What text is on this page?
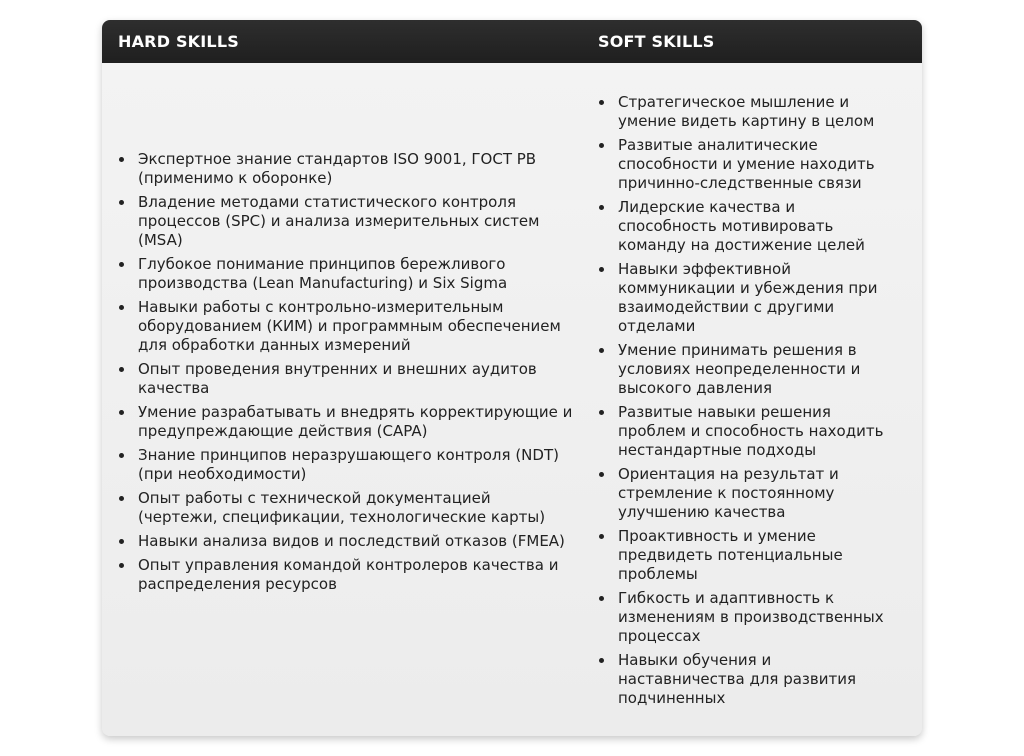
HARD SKILLS	SOFT SKILLS
Экспертное знание стандартов ISO 9001, ГОСТ РВ (применимо к оборонке)
Владение методами статистического контроля процессов (SPC) и анализа измерительных систем (MSA)
Глубокое понимание принципов бережливого производства (Lean Manufacturing) и Six Sigma
Навыки работы с контрольно-измерительным оборудованием (КИМ) и программным обеспечением для обработки данных измерений
Опыт проведения внутренних и внешних аудитов качества
Умение разрабатывать и внедрять корректирующие и предупреждающие действия (CAPA)
Знание принципов неразрушающего контроля (NDT) (при необходимости)
Опыт работы с технической документацией (чертежи, спецификации, технологические карты)
Навыки анализа видов и последствий отказов (FMEA)
Опыт управления командой контролеров качества и распределения ресурсов
Стратегическое мышление и умение видеть картину в целом
Развитые аналитические способности и умение находить причинно-следственные связи
Лидерские качества и способность мотивировать команду на достижение целей
Навыки эффективной коммуникации и убеждения при взаимодействии с другими отделами
Умение принимать решения в условиях неопределенности и высокого давления
Развитые навыки решения проблем и способность находить нестандартные подходы
Ориентация на результат и стремление к постоянному улучшению качества
Проактивность и умение предвидеть потенциальные проблемы
Гибкость и адаптивность к изменениям в производственных процессах
Навыки обучения и наставничества для развития подчиненных
